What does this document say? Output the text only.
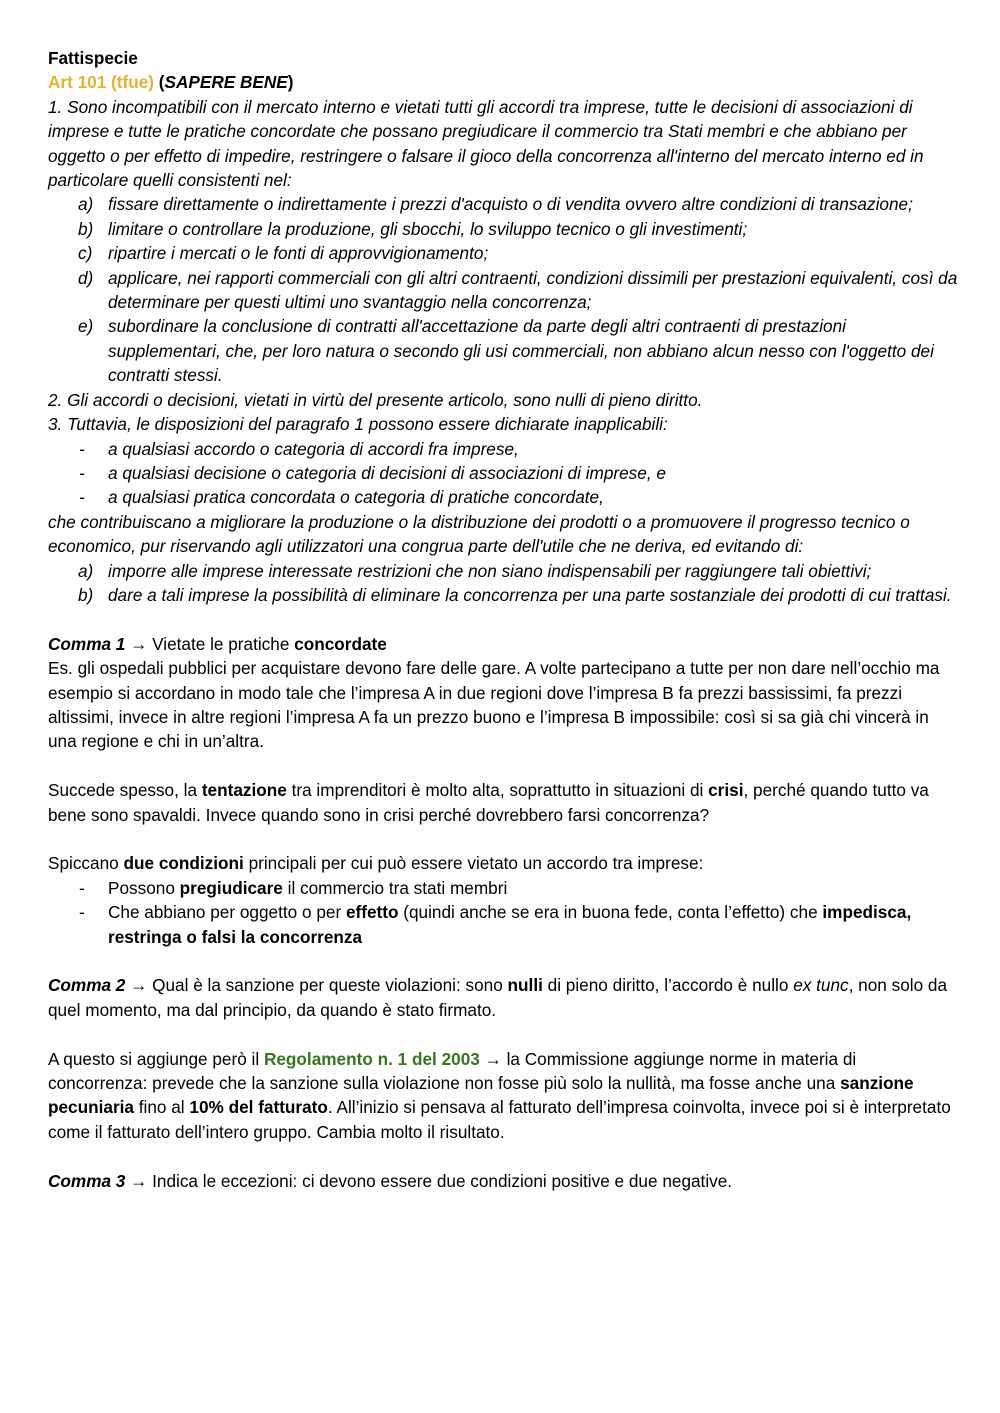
Fattispecie

Art 101 (tfue) (SAPERE BENE)

1. Sono incompatibili con il mercato interno e vietati tutti gli accordi tra imprese, tutte le decisioni di associazioni di imprese e tutte le pratiche concordate che possano pregiudicare il commercio tra Stati membri e che abbiano per oggetto o per effetto di impedire, restringere o falsare il gioco della concorrenza all'interno del mercato interno ed in particolare quelli consistenti nel:

a) fissare direttamente o indirettamente i prezzi d'acquisto o di vendita ovvero altre condizioni di transazione;
b) limitare o controllare la produzione, gli sbocchi, lo sviluppo tecnico o gli investimenti;
c) ripartire i mercati o le fonti di approvvigionamento;
d) applicare, nei rapporti commerciali con gli altri contraenti, condizioni dissimili per prestazioni equivalenti, così da determinare per questi ultimi uno svantaggio nella concorrenza;
e) subordinare la conclusione di contratti all'accettazione da parte degli altri contraenti di prestazioni supplementari, che, per loro natura o secondo gli usi commerciali, non abbiano alcun nesso con l'oggetto dei contratti stessi.

2. Gli accordi o decisioni, vietati in virtù del presente articolo, sono nulli di pieno diritto.

3. Tuttavia, le disposizioni del paragrafo 1 possono essere dichiarate inapplicabili:

- a qualsiasi accordo o categoria di accordi fra imprese,
- a qualsiasi decisione o categoria di decisioni di associazioni di imprese, e
- a qualsiasi pratica concordata o categoria di pratiche concordate,

che contribuiscano a migliorare la produzione o la distribuzione dei prodotti o a promuovere il progresso tecnico o economico, pur riservando agli utilizzatori una congrua parte dell'utile che ne deriva, ed evitando di:

a) imporre alle imprese interessate restrizioni che non siano indispensabili per raggiungere tali obiettivi;
b) dare a tali imprese la possibilità di eliminare la concorrenza per una parte sostanziale dei prodotti di cui trattasi.

Comma 1 → Vietate le pratiche concordate

Es. gli ospedali pubblici per acquistare devono fare delle gare. A volte partecipano a tutte per non dare nell’occhio ma esempio si accordano in modo tale che l’impresa A in due regioni dove l’impresa B fa prezzi bassissimi, fa prezzi altissimi, invece in altre regioni l’impresa A fa un prezzo buono e l’impresa B impossibile: così si sa già chi vincerà in una regione e chi in un’altra.

Succede spesso, la tentazione tra imprenditori è molto alta, soprattutto in situazioni di crisi, perché quando tutto va bene sono spavaldi. Invece quando sono in crisi perché dovrebbero farsi concorrenza?

Spiccano due condizioni principali per cui può essere vietato un accordo tra imprese:

- Possono pregiudicare il commercio tra stati membri
- Che abbiano per oggetto o per effetto (quindi anche se era in buona fede, conta l’effetto) che impedisca, restringa o falsi la concorrenza

Comma 2 → Qual è la sanzione per queste violazioni: sono nulli di pieno diritto, l’accordo è nullo ex tunc, non solo da quel momento, ma dal principio, da quando è stato firmato.

A questo si aggiunge però il Regolamento n. 1 del 2003 → la Commissione aggiunge norme in materia di concorrenza: prevede che la sanzione sulla violazione non fosse più solo la nullità, ma fosse anche una sanzione pecuniaria fino al 10% del fatturato. All’inizio si pensava al fatturato dell’impresa coinvolta, invece poi si è interpretato come il fatturato dell’intero gruppo. Cambia molto il risultato.

Comma 3 → Indica le eccezioni: ci devono essere due condizioni positive e due negative.
